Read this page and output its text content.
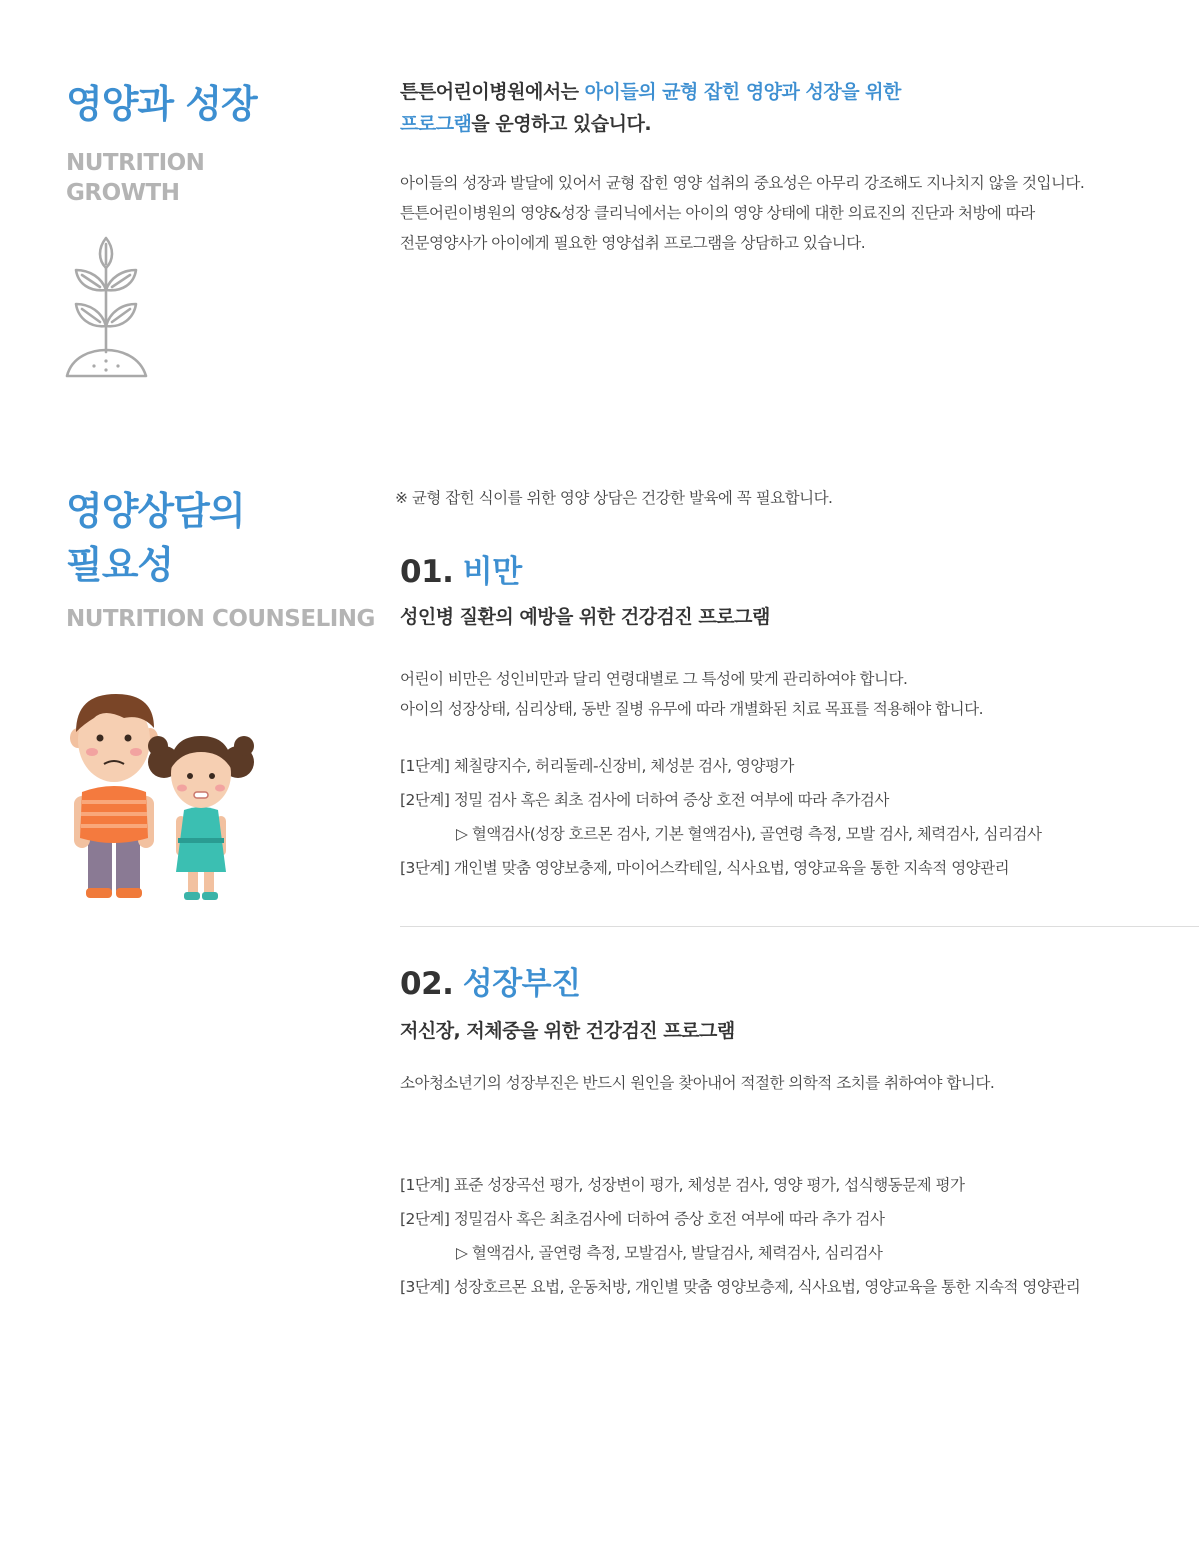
영양과 성장
NUTRITION
GROWTH
튼튼어린이병원에서는 아이들의 균형 잡힌 영양과 성장을 위한
프로그램을 운영하고 있습니다.
아이들의 성장과 발달에 있어서 균형 잡힌 영양 섭취의 중요성은 아무리 강조해도 지나치지 않을 것입니다.
튼튼어린이병원의 영양&성장 클리닉에서는 아이의 영양 상태에 대한 의료진의 진단과 처방에 따라
전문영양사가 아이에게 필요한 영양섭취 프로그램을 상담하고 있습니다.
영양상담의
필요성
NUTRITION COUNSELING
※ 균형 잡힌 식이를 위한 영양 상담은 건강한 발육에 꼭 필요합니다.
01. 비만
성인병 질환의 예방을 위한 건강검진 프로그램
어린이 비만은 성인비만과 달리 연령대별로 그 특성에 맞게 관리하여야 합니다.
아이의 성장상태, 심리상태, 동반 질병 유무에 따라 개별화된 치료 목표를 적용해야 합니다.
[1단계] 체칠량지수, 허리둘레-신장비, 체성분 검사, 영양평가
[2단계] 정밀 검사 혹은 최초 검사에 더하여 증상 호전 여부에 따라 추가검사
▷ 혈액검사(성장 호르몬 검사, 기본 혈액검사), 골연령 측정, 모발 검사, 체력검사, 심리검사
[3단계] 개인별 맞춤 영양보충제, 마이어스칵테일, 식사요법, 영양교육을 통한 지속적 영양관리
02. 성장부진
저신장, 저체중을 위한 건강검진 프로그램
소아청소년기의 성장부진은 반드시 원인을 찾아내어 적절한 의학적 조치를 취하여야 합니다.
[1단계] 표준 성장곡선 평가, 성장변이 평가, 체성분 검사, 영양 평가, 섭식행동문제 평가
[2단계] 정밀검사 혹은 최초검사에 더하여 증상 호전 여부에 따라 추가 검사
▷ 혈액검사, 골연령 측정, 모발검사, 발달검사, 체력검사, 심리검사
[3단계] 성장호르몬 요법, 운동처방, 개인별 맞춤 영양보층제, 식사요법, 영양교육을 통한 지속적 영양관리
